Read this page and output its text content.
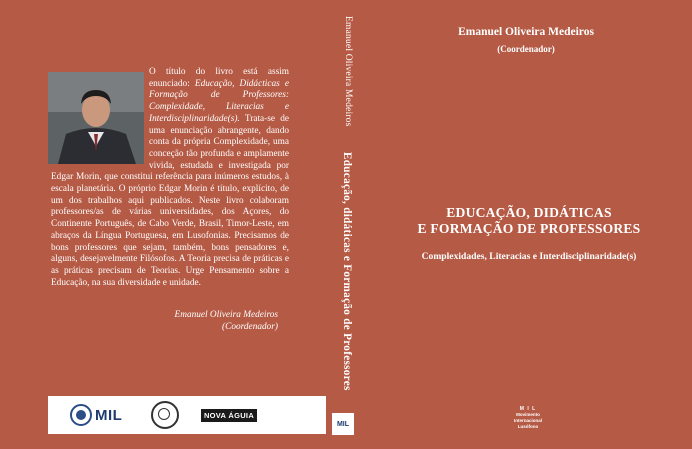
O título do livro está assim enunciado: Educação, Didácticas e Formação de Professores: Complexidade, Literacias e Interdisciplinaridade(s). Trata-se de uma enunciação abrangente, dando conta da própria Complexidade, uma conceção tão profunda e amplamente vivida, estudada e investigada por Edgar Morin, que constitui referência para inúmeros estudos, à escala planetária. O próprio Edgar Morin é título, explícito, de um dos trabalhos aqui publicados. Neste livro colaboram professores/as de várias universidades, dos Açores, do Continente Português, de Cabo Verde, Brasil, Timor-Leste, em abraços da Língua Portuguesa, em Lusofonias. Precisamos de bons professores que sejam, também, bons pensadores e, alguns, desejavelmente Filósofos. A Teoria precisa de práticas e as práticas precisam de Teorias. Urge Pensamento sobre a Educação, na sua diversidade e unidade.
Emanuel Oliveira Medeiros
(Coordenador)
MIL	NOVA ÁGUIA
Emanuel Oliveira Medeiros
Educação, didáticas e Formação de Professores
MIL
Emanuel Oliveira Medeiros
(Coordenador)
EDUCAÇÃO, DIDÁTICAS
E FORMAÇÃO DE PROFESSORES
Complexidades, Literacias e Interdisciplinaridade(s)
M I L
Movimento
Internacional
Lusófono
